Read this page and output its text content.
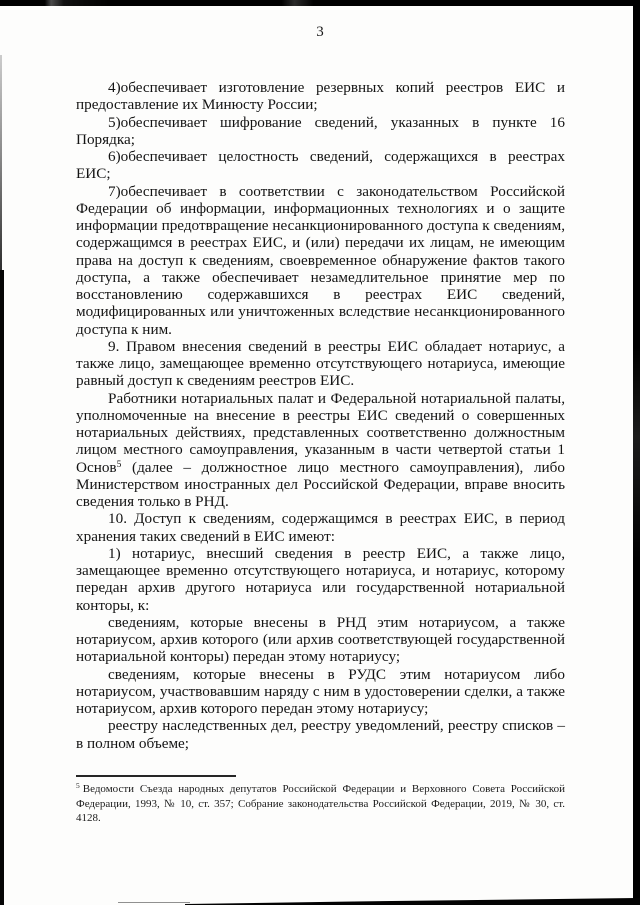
3

4)обеспечивает изготовление резервных копий реестров ЕИС и предоставление их Минюсту России;

5)обеспечивает шифрование сведений, указанных в пункте 16 Порядка;

6)обеспечивает целостность сведений, содержащихся в реестрах ЕИС;

7)обеспечивает в соответствии с законодательством Российской Федерации об информации, информационных технологиях и о защите информации предотвращение несанкционированного доступа к сведениям, содержащимся в реестрах ЕИС, и (или) передачи их лицам, не имеющим права на доступ к сведениям, своевременное обнаружение фактов такого доступа, а также обеспечивает незамедлительное принятие мер по восстановлению содержавшихся в реестрах ЕИС сведений, модифицированных или уничтоженных вследствие несанкционированного доступа к ним.

9. Правом внесения сведений в реестры ЕИС обладает нотариус, а также лицо, замещающее временно отсутствующего нотариуса, имеющие равный доступ к сведениям реестров ЕИС.

Работники нотариальных палат и Федеральной нотариальной палаты, уполномоченные на внесение в реестры ЕИС сведений о совершенных нотариальных действиях, представленных соответственно должностным лицом местного самоуправления, указанным в части четвертой статьи 1 Основ$^5$ (далее – должностное лицо местного самоуправления), либо Министерством иностранных дел Российской Федерации, вправе вносить сведения только в РНД.

10. Доступ к сведениям, содержащимся в реестрах ЕИС, в период хранения таких сведений в ЕИС имеют:

1) нотариус, внесший сведения в реестр ЕИС, а также лицо, замещающее временно отсутствующего нотариуса, и нотариус, которому передан архив другого нотариуса или государственной нотариальной конторы, к:

сведениям, которые внесены в РНД этим нотариусом, а также нотариусом, архив которого (или архив соответствующей государственной нотариальной конторы) передан этому нотариусу;

сведениям, которые внесены в РУДС этим нотариусом либо нотариусом, участвовавшим наряду с ним в удостоверении сделки, а также нотариусом, архив которого передан этому нотариусу;

реестру наследственных дел, реестру уведомлений, реестру списков – в полном объеме;

$^5$ Ведомости Съезда народных депутатов Российской Федерации и Верховного Совета Российской Федерации, 1993, № 10, ст. 357; Собрание законодательства Российской Федерации, 2019, № 30, ст. 4128.
